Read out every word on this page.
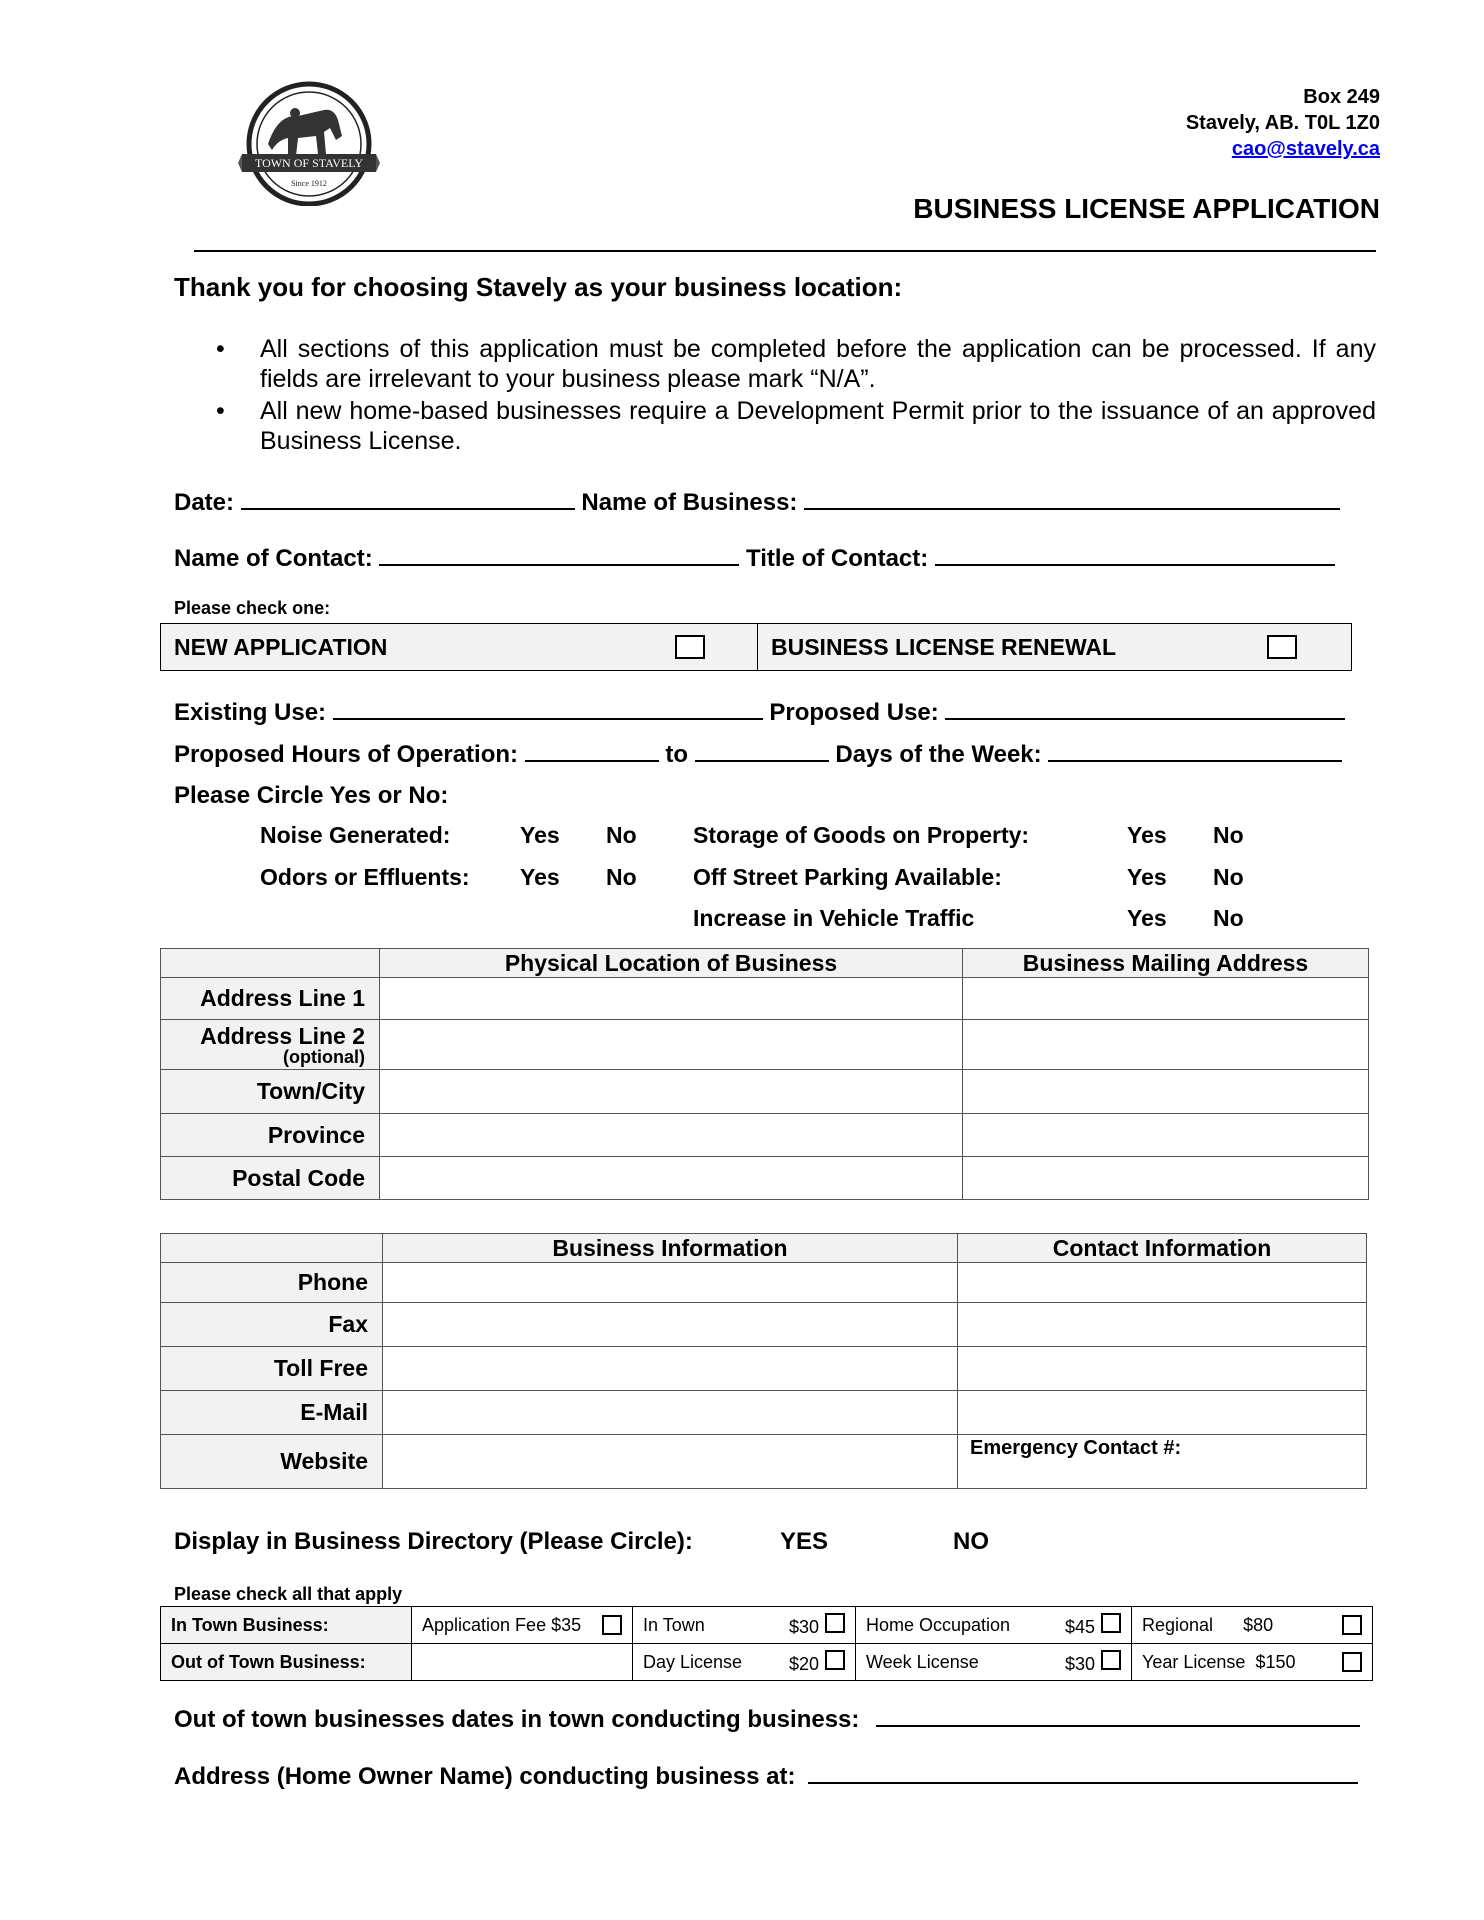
TOWN OF STAVELY
Since 1912
Box 249
Stavely, AB. T0L 1Z0
cao@stavely.ca
BUSINESS LICENSE APPLICATION
Thank you for choosing Stavely as your business location:
• All sections of this application must be completed before the application can be processed. If any fields are irrelevant to your business please mark “N/A”.
• All new home-based businesses require a Development Permit prior to the issuance of an approved Business License.
Date:	Name of Business:
Name of Contact:	Title of Contact:
Please check one:
NEW APPLICATION	BUSINESS LICENSE RENEWAL
Existing Use:	Proposed Use:
Proposed Hours of Operation:	to	Days of the Week:
Please Circle Yes or No:
Noise Generated:	Yes No Storage of Goods on Property:	Yes No
Odors or Effluents: Yes No Off Street Parking Available:	Yes No
Increase in Vehicle Traffic	Yes No
	Physical Location of Business	Business Mailing Address
Address Line 1		

Address Line 2
(optional)		

Town/City		
Province		
Postal Code		
	Business Information	Contact Information
Phone		
Fax		
Toll Free		
E-Mail		
Website		Emergency Contact #:
Display in Business Directory (Please Circle):	YES	NO
Please check all that apply
In Town Business:	Application Fee $35	In Town $30	Home Occupation $45	Regional $80

Out of Town Business:		Day License $20	Week License $30	Year License $150
Out of town businesses dates in town conducting business:
Address (Home Owner Name) conducting business at:
